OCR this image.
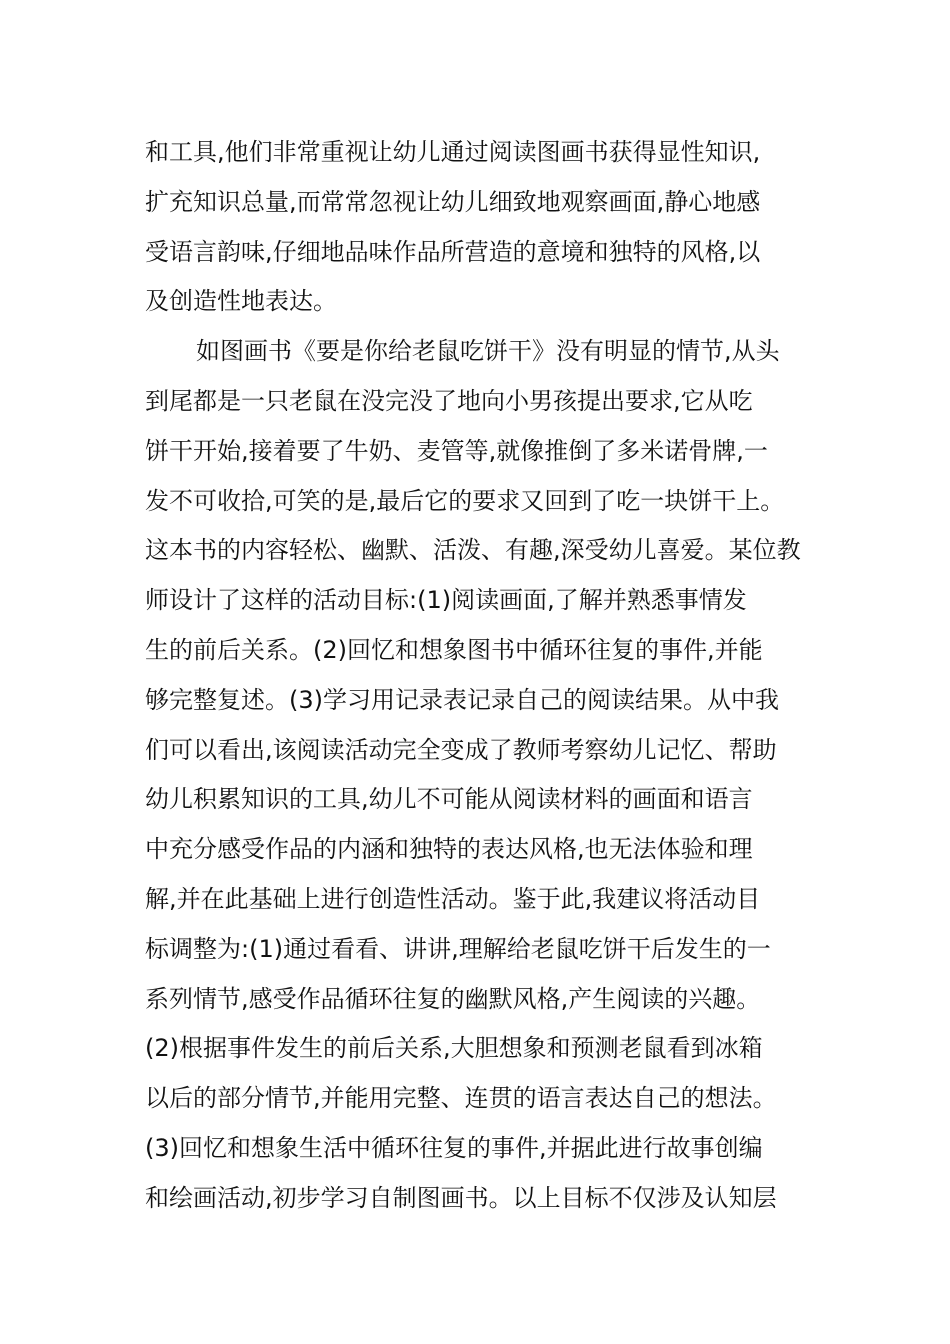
和工具,他们非常重视让幼儿通过阅读图画书获得显性知识,
扩充知识总量,而常常忽视让幼儿细致地观察画面,静心地感
受语言韵味,仔细地品味作品所营造的意境和独特的风格,以
及创造性地表达。
如图画书《要是你给老鼠吃饼干》没有明显的情节,从头
到尾都是一只老鼠在没完没了地向小男孩提出要求,它从吃
饼干开始,接着要了牛奶、麦管等,就像推倒了多米诺骨牌,一
发不可收拾,可笑的是,最后它的要求又回到了吃一块饼干上。
这本书的内容轻松、幽默、活泼、有趣,深受幼儿喜爱。某位教
师设计了这样的活动目标:(1)阅读画面,了解并熟悉事情发
生的前后关系。(2)回忆和想象图书中循环往复的事件,并能
够完整复述。(3)学习用记录表记录自己的阅读结果。从中我
们可以看出,该阅读活动完全变成了教师考察幼儿记忆、帮助
幼儿积累知识的工具,幼儿不可能从阅读材料的画面和语言
中充分感受作品的内涵和独特的表达风格,也无法体验和理
解,并在此基础上进行创造性活动。鉴于此,我建议将活动目
标调整为:(1)通过看看、讲讲,理解给老鼠吃饼干后发生的一
系列情节,感受作品循环往复的幽默风格,产生阅读的兴趣。
(2)根据事件发生的前后关系,大胆想象和预测老鼠看到冰箱
以后的部分情节,并能用完整、连贯的语言表达自己的想法。
(3)回忆和想象生活中循环往复的事件,并据此进行故事创编
和绘画活动,初步学习自制图画书。以上目标不仅涉及认知层
